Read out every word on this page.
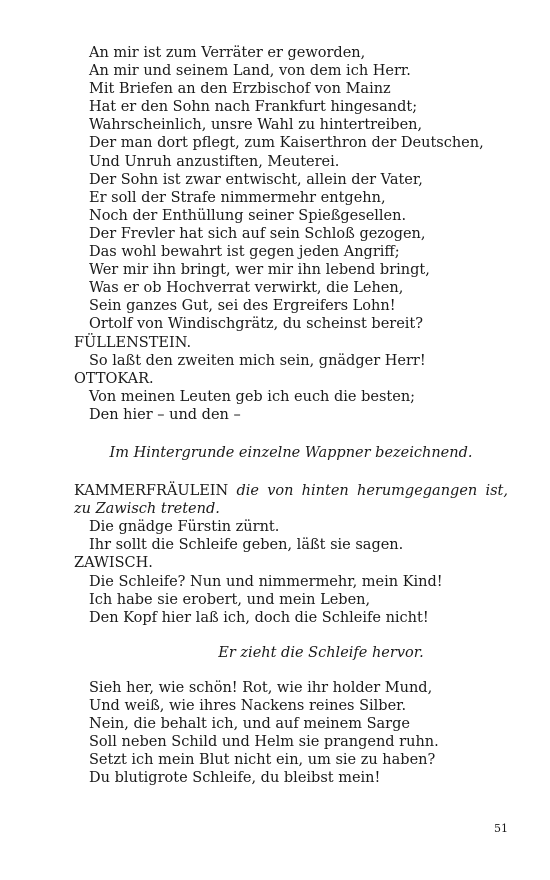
An mir ist zum Verräter er geworden,
An mir und seinem Land, von dem ich Herr.
Mit Briefen an den Erzbischof von Mainz
Hat er den Sohn nach Frankfurt hingesandt;
Wahrscheinlich, unsre Wahl zu hintertreiben,
Der man dort pflegt, zum Kaiserthron der Deutschen,
Und Unruh anzustiften, Meuterei.
Der Sohn ist zwar entwischt, allein der Vater,
Er soll der Strafe nimmermehr entgehn,
Noch der Enthüllung seiner Spießgesellen.
Der Frevler hat sich auf sein Schloß gezogen,
Das wohl bewahrt ist gegen jeden Angriff;
Wer mir ihn bringt, wer mir ihn lebend bringt,
Was er ob Hochverrat verwirkt, die Lehen,
Sein ganzes Gut, sei des Ergreifers Lohn!
Ortolf von Windischgrätz, du scheinst bereit?
FÜLLENSTEIN.
So laßt den zweiten mich sein, gnädger Herr!
OTTOKAR.
Von meinen Leuten geb ich euch die besten;
Den hier – und den –
Im Hintergrunde einzelne Wappner bezeichnend.
KAMMERFRÄULEIN die von hinten herumgegangen ist, zu Zawisch tretend.
Die gnädge Fürstin zürnt.
Ihr sollt die Schleife geben, läßt sie sagen.
ZAWISCH.
Die Schleife? Nun und nimmermehr, mein Kind!
Ich habe sie erobert, und mein Leben,
Den Kopf hier laß ich, doch die Schleife nicht!
Er zieht die Schleife hervor.
Sieh her, wie schön! Rot, wie ihr holder Mund,
Und weiß, wie ihres Nackens reines Silber.
Nein, die behalt ich, und auf meinem Sarge
Soll neben Schild und Helm sie prangend ruhn.
Setzt ich mein Blut nicht ein, um sie zu haben?
Du blutigrote Schleife, du bleibst mein!
51
